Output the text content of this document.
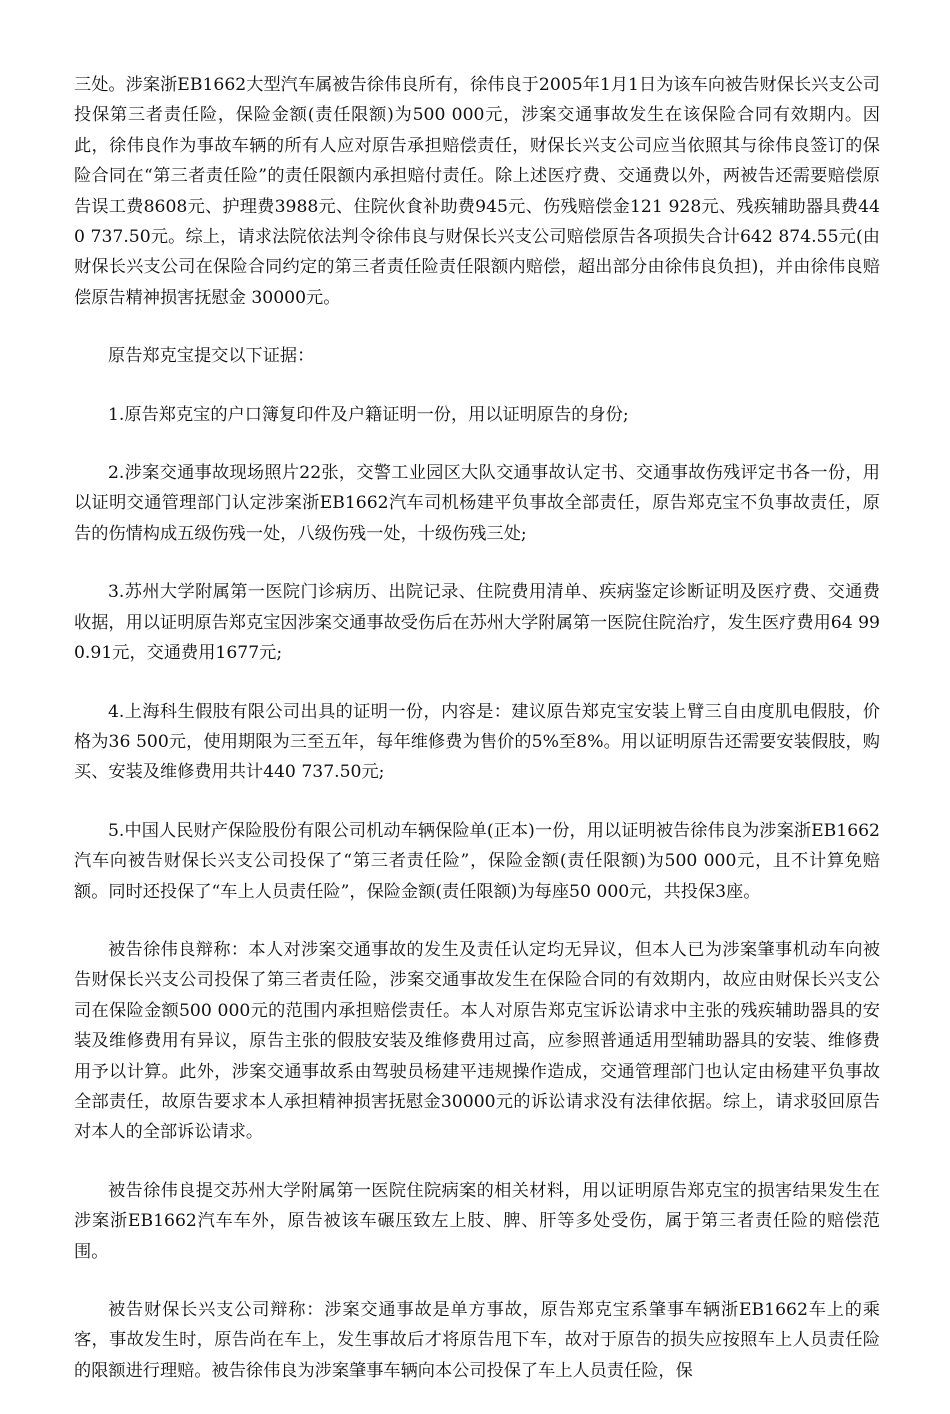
三处。涉案浙EB1662大型汽车属被告徐伟良所有，徐伟良于2005年1月1日为该车向被告财保长兴支公司投保第三者责任险，保险金额(责任限额)为500 000元，涉案交通事故发生在该保险合同有效期内。因此，徐伟良作为事故车辆的所有人应对原告承担赔偿责任，财保长兴支公司应当依照其与徐伟良签订的保险合同在“第三者责任险”的责任限额内承担赔付责任。除上述医疗费、交通费以外，两被告还需要赔偿原告误工费8608元、护理费3988元、住院伙食补助费945元、伤残赔偿金121 928元、残疾辅助器具费440 737.50元。综上，请求法院依法判令徐伟良与财保长兴支公司赔偿原告各项损失合计642 874.55元(由财保长兴支公司在保险合同约定的第三者责任险责任限额内赔偿，超出部分由徐伟良负担)，并由徐伟良赔偿原告精神损害抚慰金 30000元。

原告郑克宝提交以下证据：

1.原告郑克宝的户口簿复印件及户籍证明一份，用以证明原告的身份;

2.涉案交通事故现场照片22张，交警工业园区大队交通事故认定书、交通事故伤残评定书各一份，用以证明交通管理部门认定涉案浙EB1662汽车司机杨建平负事故全部责任，原告郑克宝不负事故责任，原告的伤情构成五级伤残一处，八级伤残一处，十级伤残三处;

3.苏州大学附属第一医院门诊病历、出院记录、住院费用清单、疾病鉴定诊断证明及医疗费、交通费收据，用以证明原告郑克宝因涉案交通事故受伤后在苏州大学附属第一医院住院治疗，发生医疗费用64 990.91元，交通费用1677元;

4.上海科生假肢有限公司出具的证明一份，内容是：建议原告郑克宝安装上臂三自由度肌电假肢，价格为36 500元，使用期限为三至五年，每年维修费为售价的5%至8%。用以证明原告还需要安装假肢，购买、安装及维修费用共计440 737.50元;

5.中国人民财产保险股份有限公司机动车辆保险单(正本)一份，用以证明被告徐伟良为涉案浙EB1662汽车向被告财保长兴支公司投保了“第三者责任险”，保险金额(责任限额)为500 000元，且不计算免赔额。同时还投保了“车上人员责任险”，保险金额(责任限额)为每座50 000元，共投保3座。

被告徐伟良辩称：本人对涉案交通事故的发生及责任认定均无异议，但本人已为涉案肇事机动车向被告财保长兴支公司投保了第三者责任险，涉案交通事故发生在保险合同的有效期内，故应由财保长兴支公司在保险金额500 000元的范围内承担赔偿责任。本人对原告郑克宝诉讼请求中主张的残疾辅助器具的安装及维修费用有异议，原告主张的假肢安装及维修费用过高，应参照普通适用型辅助器具的安装、维修费用予以计算。此外，涉案交通事故系由驾驶员杨建平违规操作造成，交通管理部门也认定由杨建平负事故全部责任，故原告要求本人承担精神损害抚慰金30000元的诉讼请求没有法律依据。综上，请求驳回原告对本人的全部诉讼请求。

被告徐伟良提交苏州大学附属第一医院住院病案的相关材料，用以证明原告郑克宝的损害结果发生在涉案浙EB1662汽车车外，原告被该车碾压致左上肢、脾、肝等多处受伤，属于第三者责任险的赔偿范围。

被告财保长兴支公司辩称：涉案交通事故是单方事故，原告郑克宝系肇事车辆浙EB1662车上的乘客，事故发生时，原告尚在车上，发生事故后才将原告甩下车，故对于原告的损失应按照车上人员责任险的限额进行理赔。被告徐伟良为涉案肇事车辆向本公司投保了车上人员责任险，保
